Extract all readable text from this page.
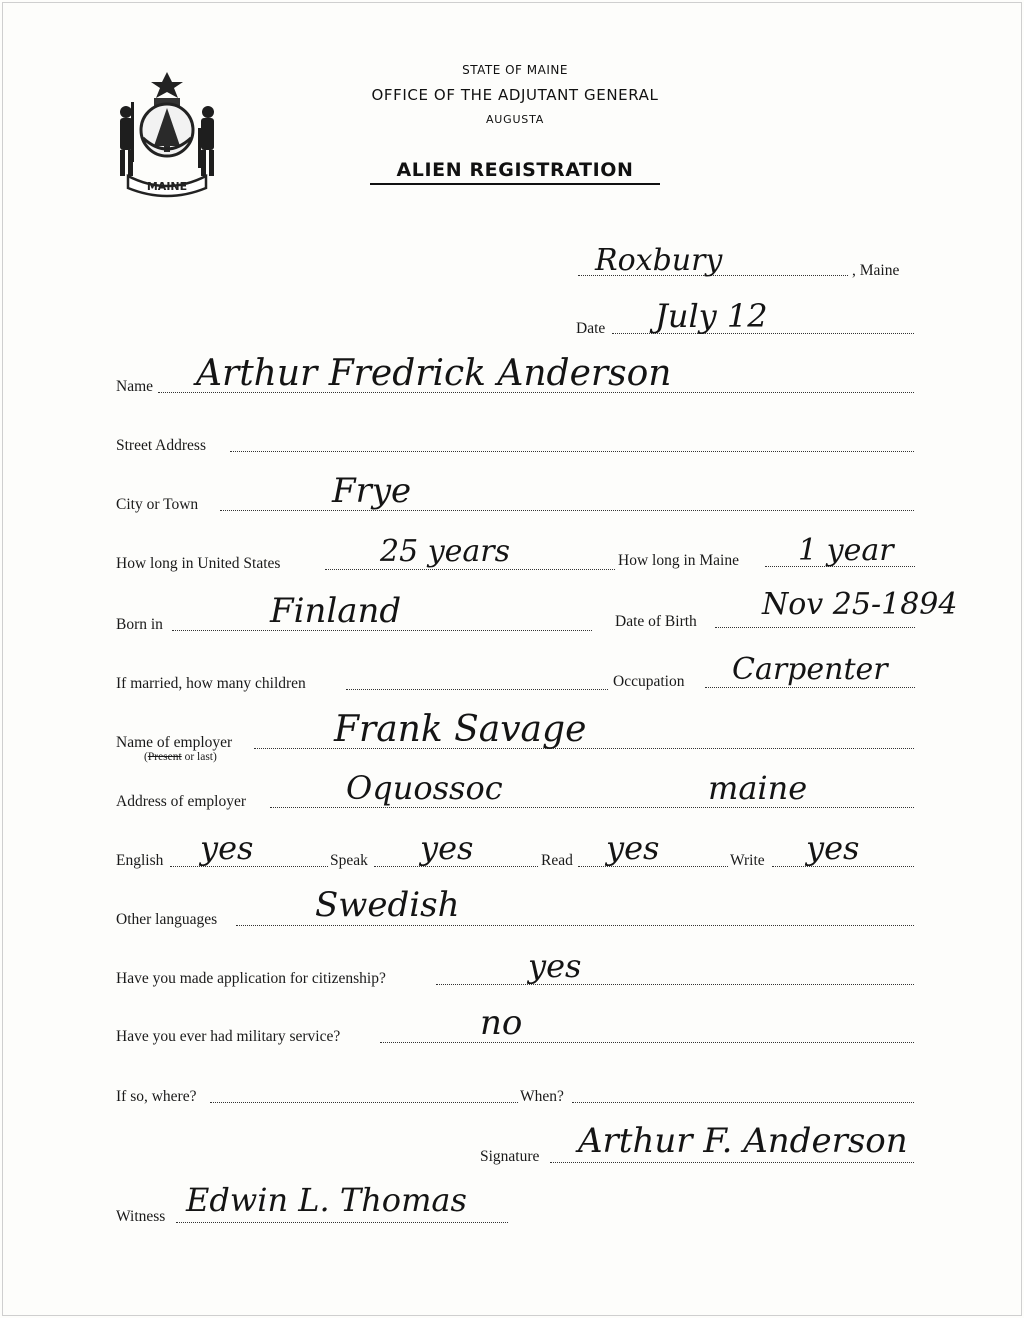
MAINE
STATE OF MAINE
OFFICE OF THE ADJUTANT GENERAL
AUGUSTA
ALIEN REGISTRATION
Roxbury	, Maine
Date July 12
Name Arthur Fredrick Anderson
Street Address
City or Town	Frye
How long in United States	25 years	How long in Maine 1 year
Born in	Finland	Date of Birth Nov 25-1894
If married, how many children	Occupation Carpenter
Name of employer
(Present or last)
Frank Savage
Address of employer	Oquossoc	maine
English yes	Speak yes	Read yes	Write yes
Other languages	Swedish
Have you made application for citizenship?	yes
Have you ever had military service?	no
If so, where?	When?
Signature Arthur F. Anderson
Witness Edwin L. Thomas
